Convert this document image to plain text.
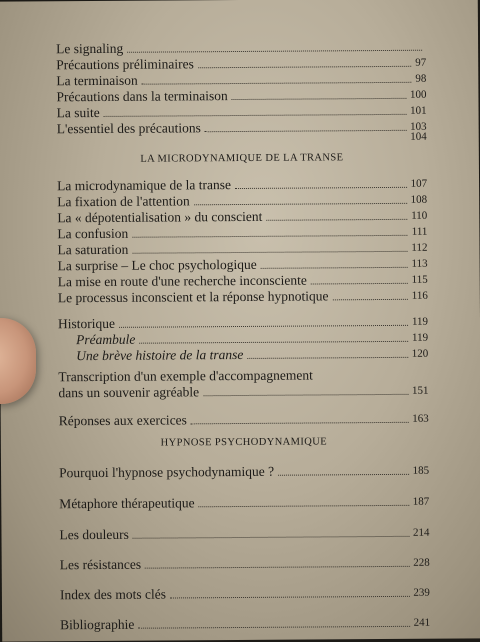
Le signaling
Précautions préliminaires	97
La terminaison	98
Précautions dans la terminaison	100
La suite	101
L'essentiel des précautions	103
104
LA MICRODYNAMIQUE DE LA TRANSE
La microdynamique de la transe	107
La fixation de l'attention	108
La « dépotentialisation » du conscient	110
La confusion	111
La saturation	112
La surprise – Le choc psychologique	113
La mise en route d'une recherche inconsciente	115
Le processus inconscient et la réponse hypnotique	116
Historique	119
Préambule	119
Une brève histoire de la transe	120
Transcription d'un exemple d'accompagnement
dans un souvenir agréable	151
Réponses aux exercices	163
HYPNOSE PSYCHODYNAMIQUE
Pourquoi l'hypnose psychodynamique ?	185
Métaphore thérapeutique	187
Les douleurs	214
Les résistances	228
Index des mots clés	239
Bibliographie	241
